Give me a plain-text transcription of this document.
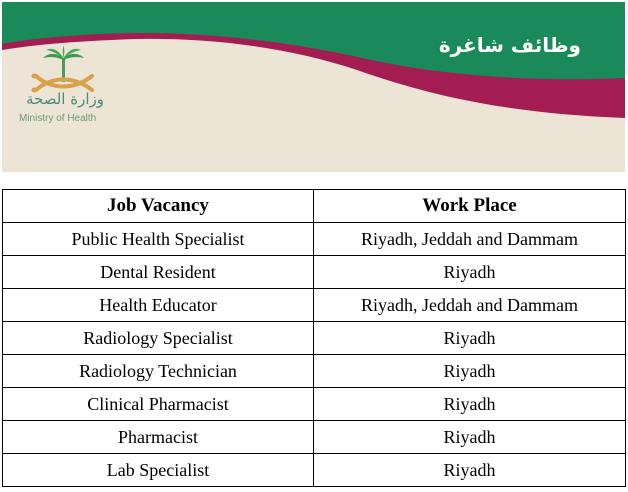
وظائف شاغرة
وزارة الصحة
Ministry of Health
Job Vacancy	Work Place
Public Health Specialist	Riyadh, Jeddah and Dammam
Dental Resident	Riyadh
Health Educator	Riyadh, Jeddah and Dammam
Radiology Specialist	Riyadh
Radiology Technician	Riyadh
Clinical Pharmacist	Riyadh
Pharmacist	Riyadh
Lab Specialist	Riyadh
